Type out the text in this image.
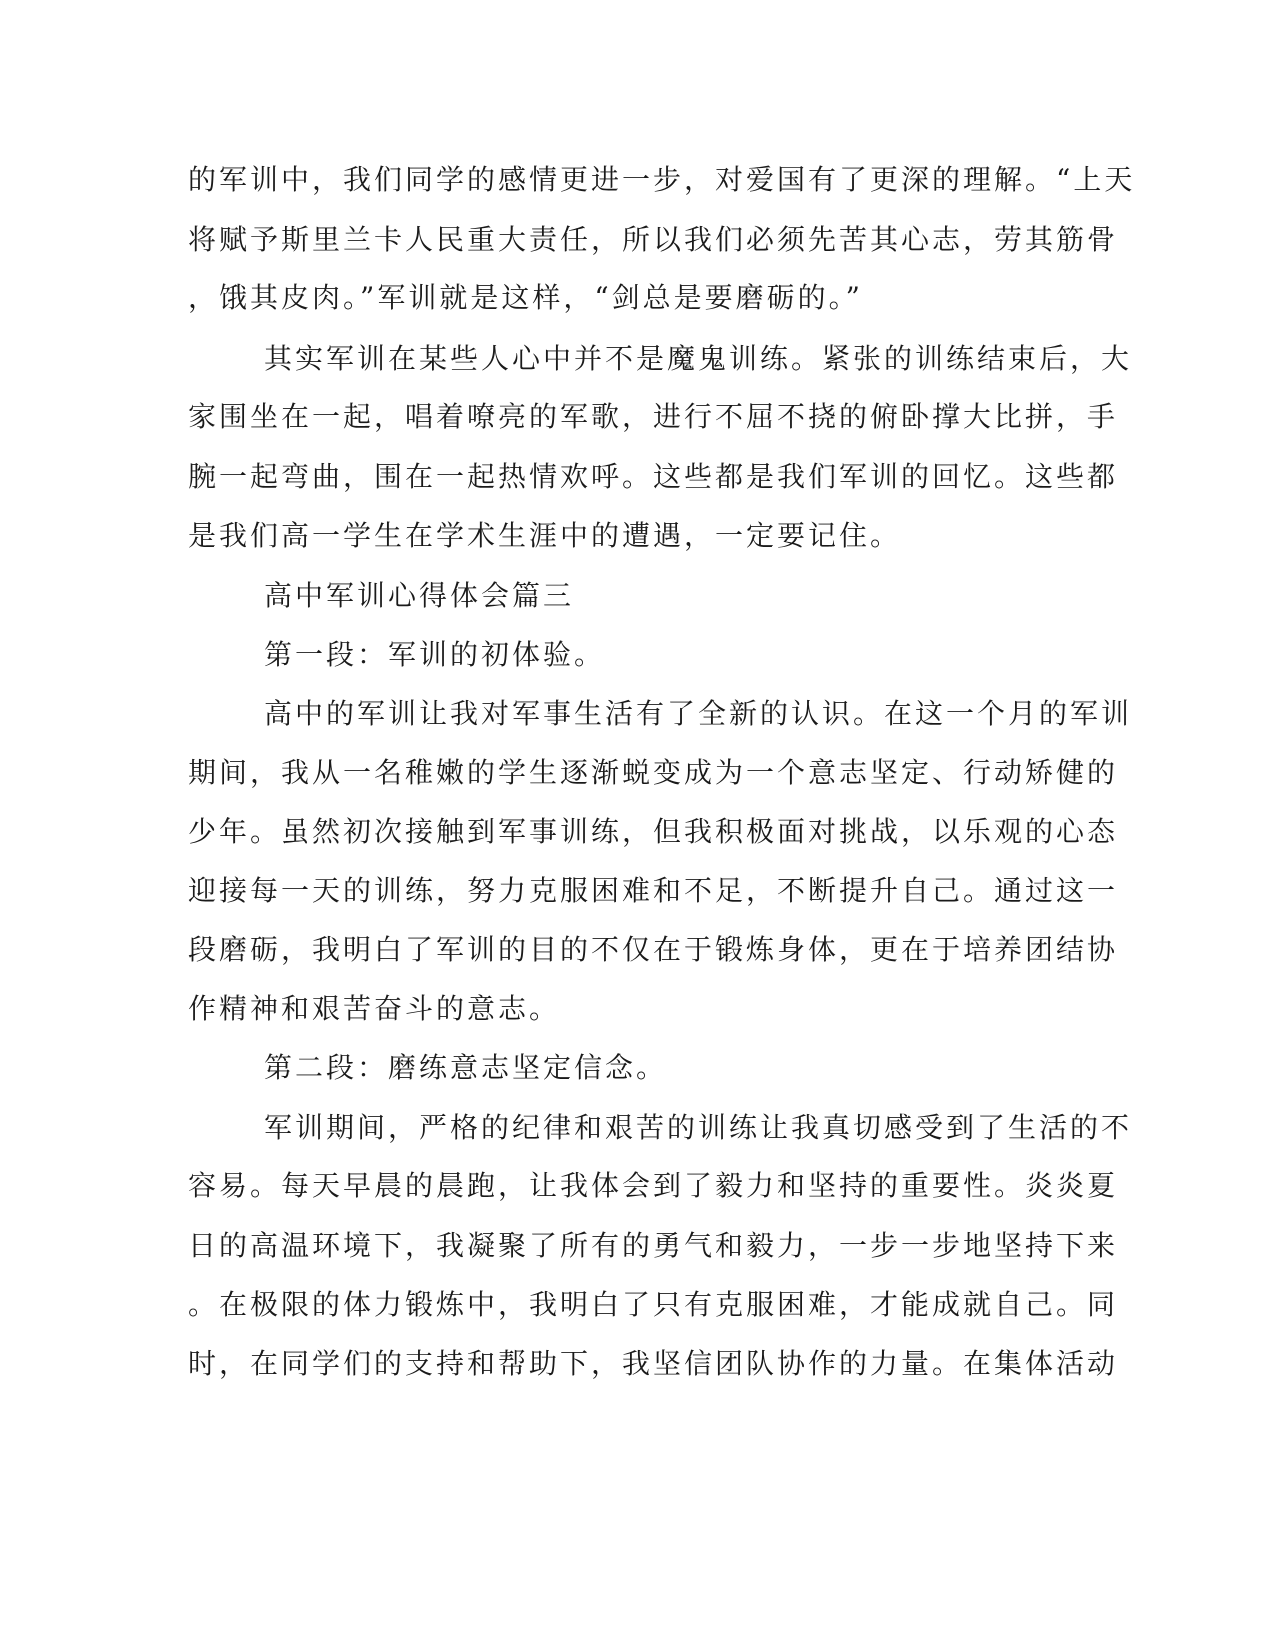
的军训中，我们同学的感情更进一步，对爱国有了更深的理解。“上天
将赋予斯里兰卡人民重大责任，所以我们必须先苦其心志，劳其筋骨
，饿其皮肉。”军训就是这样，“剑总是要磨砺的。”
其实军训在某些人心中并不是魔鬼训练。紧张的训练结束后，大
家围坐在一起，唱着嘹亮的军歌，进行不屈不挠的俯卧撑大比拼，手
腕一起弯曲，围在一起热情欢呼。这些都是我们军训的回忆。这些都
是我们高一学生在学术生涯中的遭遇，一定要记住。
高中军训心得体会篇三
第一段：军训的初体验。
高中的军训让我对军事生活有了全新的认识。在这一个月的军训
期间，我从一名稚嫩的学生逐渐蜕变成为一个意志坚定、行动矫健的
少年。虽然初次接触到军事训练，但我积极面对挑战，以乐观的心态
迎接每一天的训练，努力克服困难和不足，不断提升自己。通过这一
段磨砺，我明白了军训的目的不仅在于锻炼身体，更在于培养团结协
作精神和艰苦奋斗的意志。
第二段：磨练意志坚定信念。
军训期间，严格的纪律和艰苦的训练让我真切感受到了生活的不
容易。每天早晨的晨跑，让我体会到了毅力和坚持的重要性。炎炎夏
日的高温环境下，我凝聚了所有的勇气和毅力，一步一步地坚持下来
。在极限的体力锻炼中，我明白了只有克服困难，才能成就自己。同
时，在同学们的支持和帮助下，我坚信团队协作的力量。在集体活动
